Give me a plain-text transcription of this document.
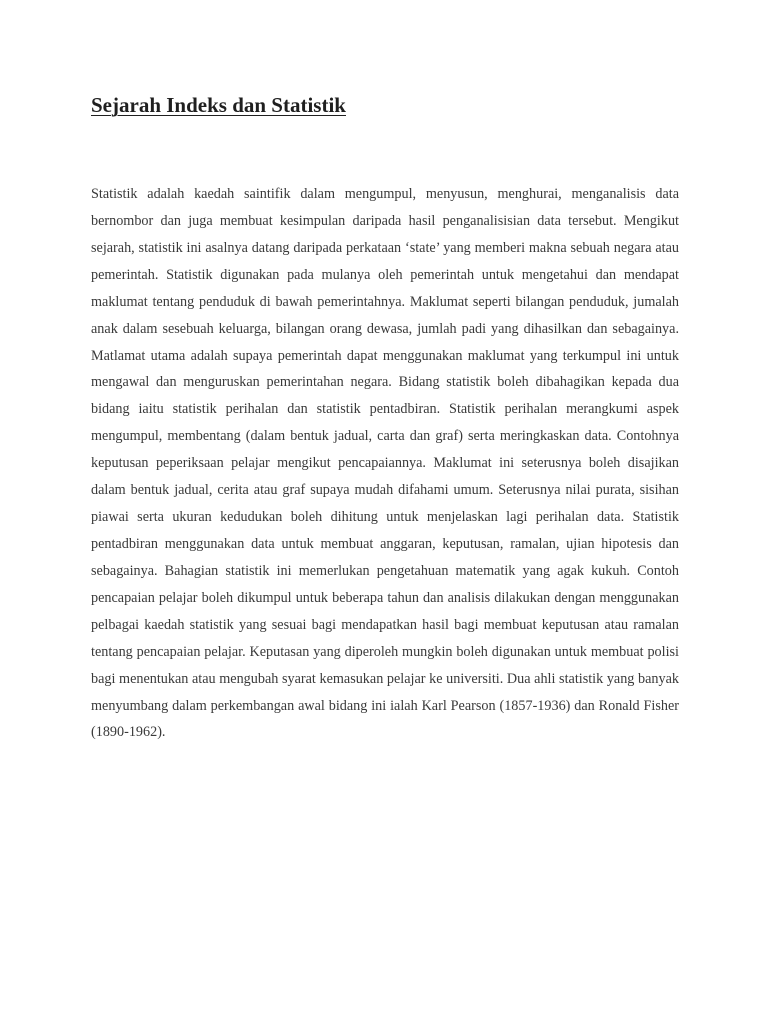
Sejarah Indeks dan Statistik

Statistik adalah kaedah saintifik dalam mengumpul, menyusun, menghurai, menganalisis data bernombor dan juga membuat kesimpulan daripada hasil penganalisisian data tersebut. Mengikut sejarah, statistik ini asalnya datang daripada perkataan ‘state’ yang memberi makna sebuah negara atau pemerintah. Statistik digunakan pada mulanya oleh pemerintah untuk mengetahui dan mendapat maklumat tentang penduduk di bawah pemerintahnya. Maklumat seperti bilangan penduduk, jumalah anak dalam sesebuah keluarga, bilangan orang dewasa, jumlah padi yang dihasilkan dan sebagainya. Matlamat utama adalah supaya pemerintah dapat menggunakan maklumat yang terkumpul ini untuk mengawal dan menguruskan pemerintahan negara. Bidang statistik boleh dibahagikan kepada dua bidang iaitu statistik perihalan dan statistik pentadbiran. Statistik perihalan merangkumi aspek mengumpul, membentang (dalam bentuk jadual, carta dan graf) serta meringkaskan data. Contohnya keputusan peperiksaan pelajar mengikut pencapaiannya. Maklumat ini seterusnya boleh disajikan dalam bentuk jadual, cerita atau graf supaya mudah difahami umum. Seterusnya nilai purata, sisihan piawai serta ukuran kedudukan boleh dihitung untuk menjelaskan lagi perihalan data. Statistik pentadbiran menggunakan data untuk membuat anggaran, keputusan, ramalan, ujian hipotesis dan sebagainya. Bahagian statistik ini memerlukan pengetahuan matematik yang agak kukuh. Contoh pencapaian pelajar boleh dikumpul untuk beberapa tahun dan analisis dilakukan dengan menggunakan pelbagai kaedah statistik yang sesuai bagi mendapatkan hasil bagi membuat keputusan atau ramalan tentang pencapaian pelajar. Keputasan yang diperoleh mungkin boleh digunakan untuk membuat polisi bagi menentukan atau mengubah syarat kemasukan pelajar ke universiti. Dua ahli statistik yang banyak menyumbang dalam perkembangan awal bidang ini ialah Karl Pearson (1857-1936) dan Ronald Fisher (1890-1962).
